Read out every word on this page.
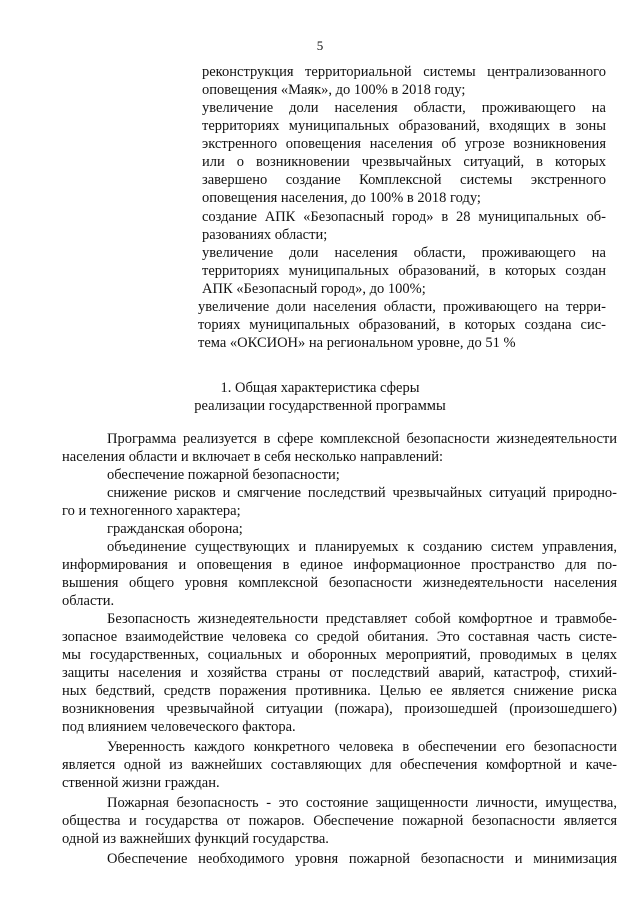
5

реконструкция территориальной системы централизованного

оповещения «Маяк», до 100% в 2018 году;

увеличение доли населения области, проживающего на

территориях муниципальных образований, входящих в зоны

экстренного оповещения населения об угрозе возникновения

или о возникновении чрезвычайных ситуаций, в которых

завершено создание Комплексной системы экстренного

оповещения населения, до 100% в 2018 году;

создание АПК «Безопасный город» в 28 муниципальных об-

разованиях области;

увеличение доли населения области, проживающего на

территориях муниципальных образований, в которых создан

АПК «Безопасный город», до 100%;

увеличение доли населения области, проживающего на терри-

ториях муниципальных образований, в которых создана сис-

тема «ОКСИОН» на региональном уровне, до 51 %

1. Общая характеристика сферы

реализации государственной программы

Программа реализуется в сфере комплексной безопасности жизнедеятельности

населения области и включает в себя несколько направлений:

обеспечение пожарной безопасности;

снижение рисков и смягчение последствий чрезвычайных ситуаций природно-

го и техногенного характера;

гражданская оборона;

объединение существующих и планируемых к созданию систем управления,

информирования и оповещения в единое информационное пространство для по-

вышения общего уровня комплексной безопасности жизнедеятельности населения

области.

Безопасность жизнедеятельности представляет собой комфортное и травмобе-

зопасное взаимодействие человека со средой обитания. Это составная часть систе-

мы государственных, социальных и оборонных мероприятий, проводимых в целях

защиты населения и хозяйства страны от последствий аварий, катастроф, стихий-

ных бедствий, средств поражения противника. Целью ее является снижение риска

возникновения чрезвычайной ситуации (пожара), произошедшей (произошедшего)

под влиянием человеческого фактора.

Уверенность каждого конкретного человека в обеспечении его безопасности

является одной из важнейших составляющих для обеспечения комфортной и каче-

ственной жизни граждан.

Пожарная безопасность - это состояние защищенности личности, имущества,

общества и государства от пожаров. Обеспечение пожарной безопасности является

одной из важнейших функций государства.

Обеспечение необходимого уровня пожарной безопасности и минимизация
